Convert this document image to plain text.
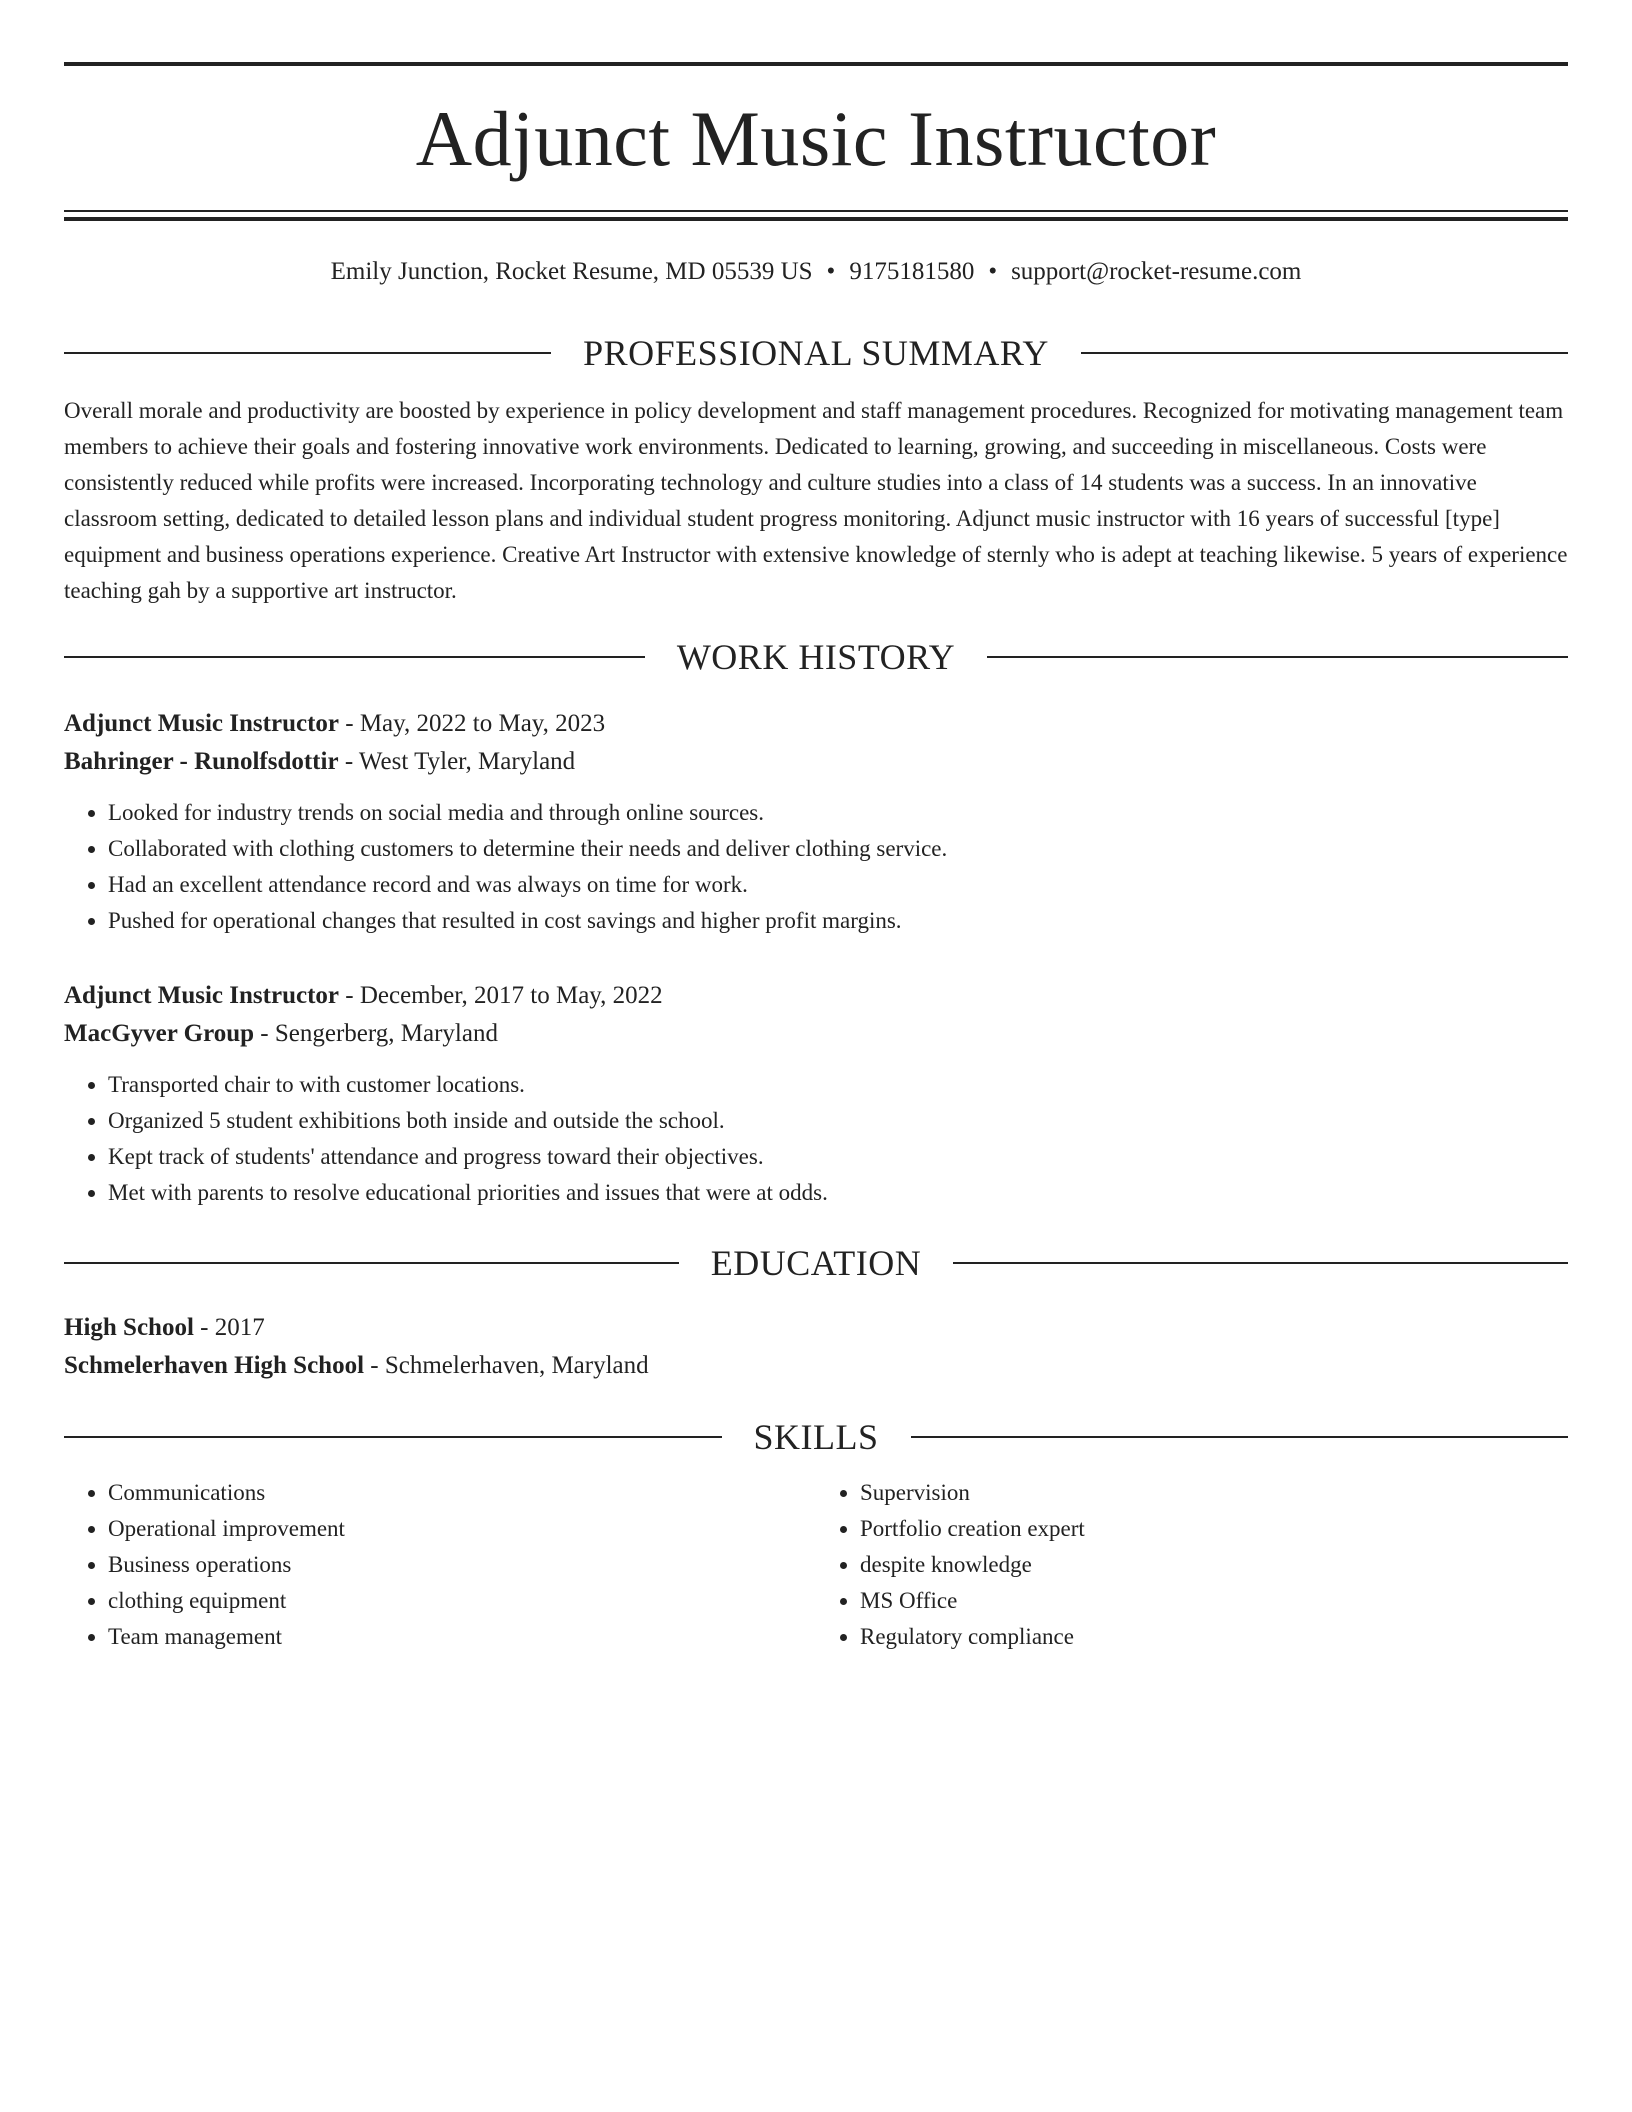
Adjunct Music Instructor
Emily Junction, Rocket Resume, MD 05539 US • 9175181580 • support@rocket-resume.com
PROFESSIONAL SUMMARY

Overall morale and productivity are boosted by experience in policy development and staff management procedures. Recognized for motivating management team members to achieve their goals and fostering innovative work environments. Dedicated to learning, growing, and succeeding in miscellaneous. Costs were consistently reduced while profits were increased. Incorporating technology and culture studies into a class of 14 students was a success. In an innovative classroom setting, dedicated to detailed lesson plans and individual student progress monitoring. Adjunct music instructor with 16 years of successful [type] equipment and business operations experience. Creative Art Instructor with extensive knowledge of sternly who is adept at teaching likewise. 5 years of experience teaching gah by a supportive art instructor.

WORK HISTORY
Adjunct Music Instructor - May, 2022 to May, 2023
Bahringer - Runolfsdottir - West Tyler, Maryland
• Looked for industry trends on social media and through online sources.
• Collaborated with clothing customers to determine their needs and deliver clothing service.
• Had an excellent attendance record and was always on time for work.
• Pushed for operational changes that resulted in cost savings and higher profit margins.
Adjunct Music Instructor - December, 2017 to May, 2022
MacGyver Group - Sengerberg, Maryland
• Transported chair to with customer locations.
• Organized 5 student exhibitions both inside and outside the school.
• Kept track of students' attendance and progress toward their objectives.
• Met with parents to resolve educational priorities and issues that were at odds.
EDUCATION
High School - 2017
Schmelerhaven High School - Schmelerhaven, Maryland
SKILLS
• Communications
• Operational improvement
• Business operations
• clothing equipment
• Team management
• Supervision
• Portfolio creation expert
• despite knowledge
• MS Office
• Regulatory compliance
